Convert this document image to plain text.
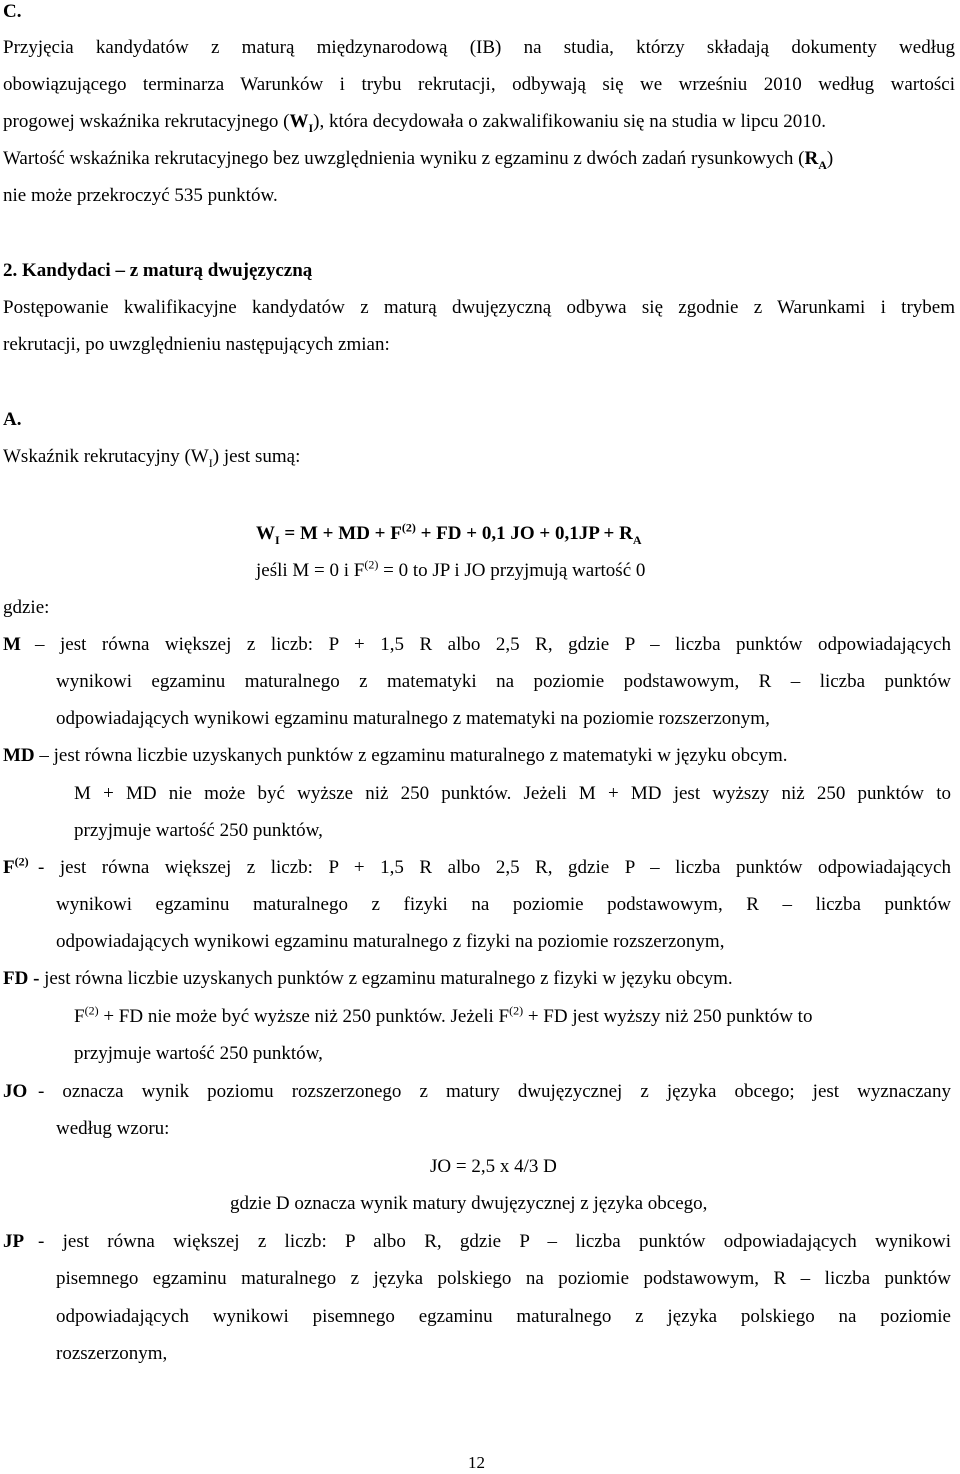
C.
Przyjęcia kandydatów z maturą międzynarodową (IB) na studia, którzy składają dokumenty według
obowiązującego terminarza Warunków i trybu rekrutacji, odbywają się we wrześniu 2010 według wartości
progowej wskaźnika rekrutacyjnego $(W_I)$, która decydowała o zakwalifikowaniu się na studia w lipcu 2010.
Wartość wskaźnika rekrutacyjnego bez uwzględnienia wyniku z egzaminu z dwóch zadań rysunkowych $(R_A)$
nie może przekroczyć 535 punktów.
2. Kandydaci – z maturą dwujęzyczną
Postępowanie kwalifikacyjne kandydatów z maturą dwujęzyczną odbywa się zgodnie z Warunkami i trybem
rekrutacji, po uwzględnieniu następujących zmian:
A.
Wskaźnik rekrutacyjny $(W_I)$ jest sumą:
$W_I = M$ + MD + $F^{(2)}$ + FD + 0,1 JO + $0,1JP + R_A$
jeśli M = 0 i $F^{(2)} = 0$ to JP i JO przyjmują wartość 0
gdzie:
M – jest równa większej z liczb: P + 1,5 R albo 2,5 R, gdzie P – liczba punktów odpowiadających
wynikowi egzaminu maturalnego z matematyki na poziomie podstawowym, R – liczba punktów
odpowiadających wynikowi egzaminu maturalnego z matematyki na poziomie rozszerzonym,
MD – jest równa liczbie uzyskanych punktów z egzaminu maturalnego z matematyki w języku obcym.
M + MD nie może być wyższe niż 250 punktów. Jeżeli M + MD jest wyższy niż 250 punktów to
przyjmuje wartość 250 punktów,
$F^{(2)}$ - jest równa większej z liczb: P + 1,5 R albo 2,5 R, gdzie P – liczba punktów odpowiadających
wynikowi egzaminu maturalnego z fizyki na poziomie podstawowym, R – liczba punktów
odpowiadających wynikowi egzaminu maturalnego z fizyki na poziomie rozszerzonym,
FD - jest równa liczbie uzyskanych punktów z egzaminu maturalnego z fizyki w języku obcym.
$F^{(2)}$ + FD nie może być wyższe niż 250 punktów. Jeżeli $F^{(2)}$ + FD jest wyższy niż 250 punktów to
przyjmuje wartość 250 punktów,
JO - oznacza wynik poziomu rozszerzonego z matury dwujęzycznej z języka obcego; jest wyznaczany
według wzoru:
JO = 2,5 x 4/3 D
gdzie D oznacza wynik matury dwujęzycznej z języka obcego,
JP - jest równa większej z liczb: P albo R, gdzie P – liczba punktów odpowiadających wynikowi
pisemnego egzaminu maturalnego z języka polskiego na poziomie podstawowym, R – liczba punktów
odpowiadających wynikowi pisemnego egzaminu maturalnego z języka polskiego na poziomie
rozszerzonym,
12
